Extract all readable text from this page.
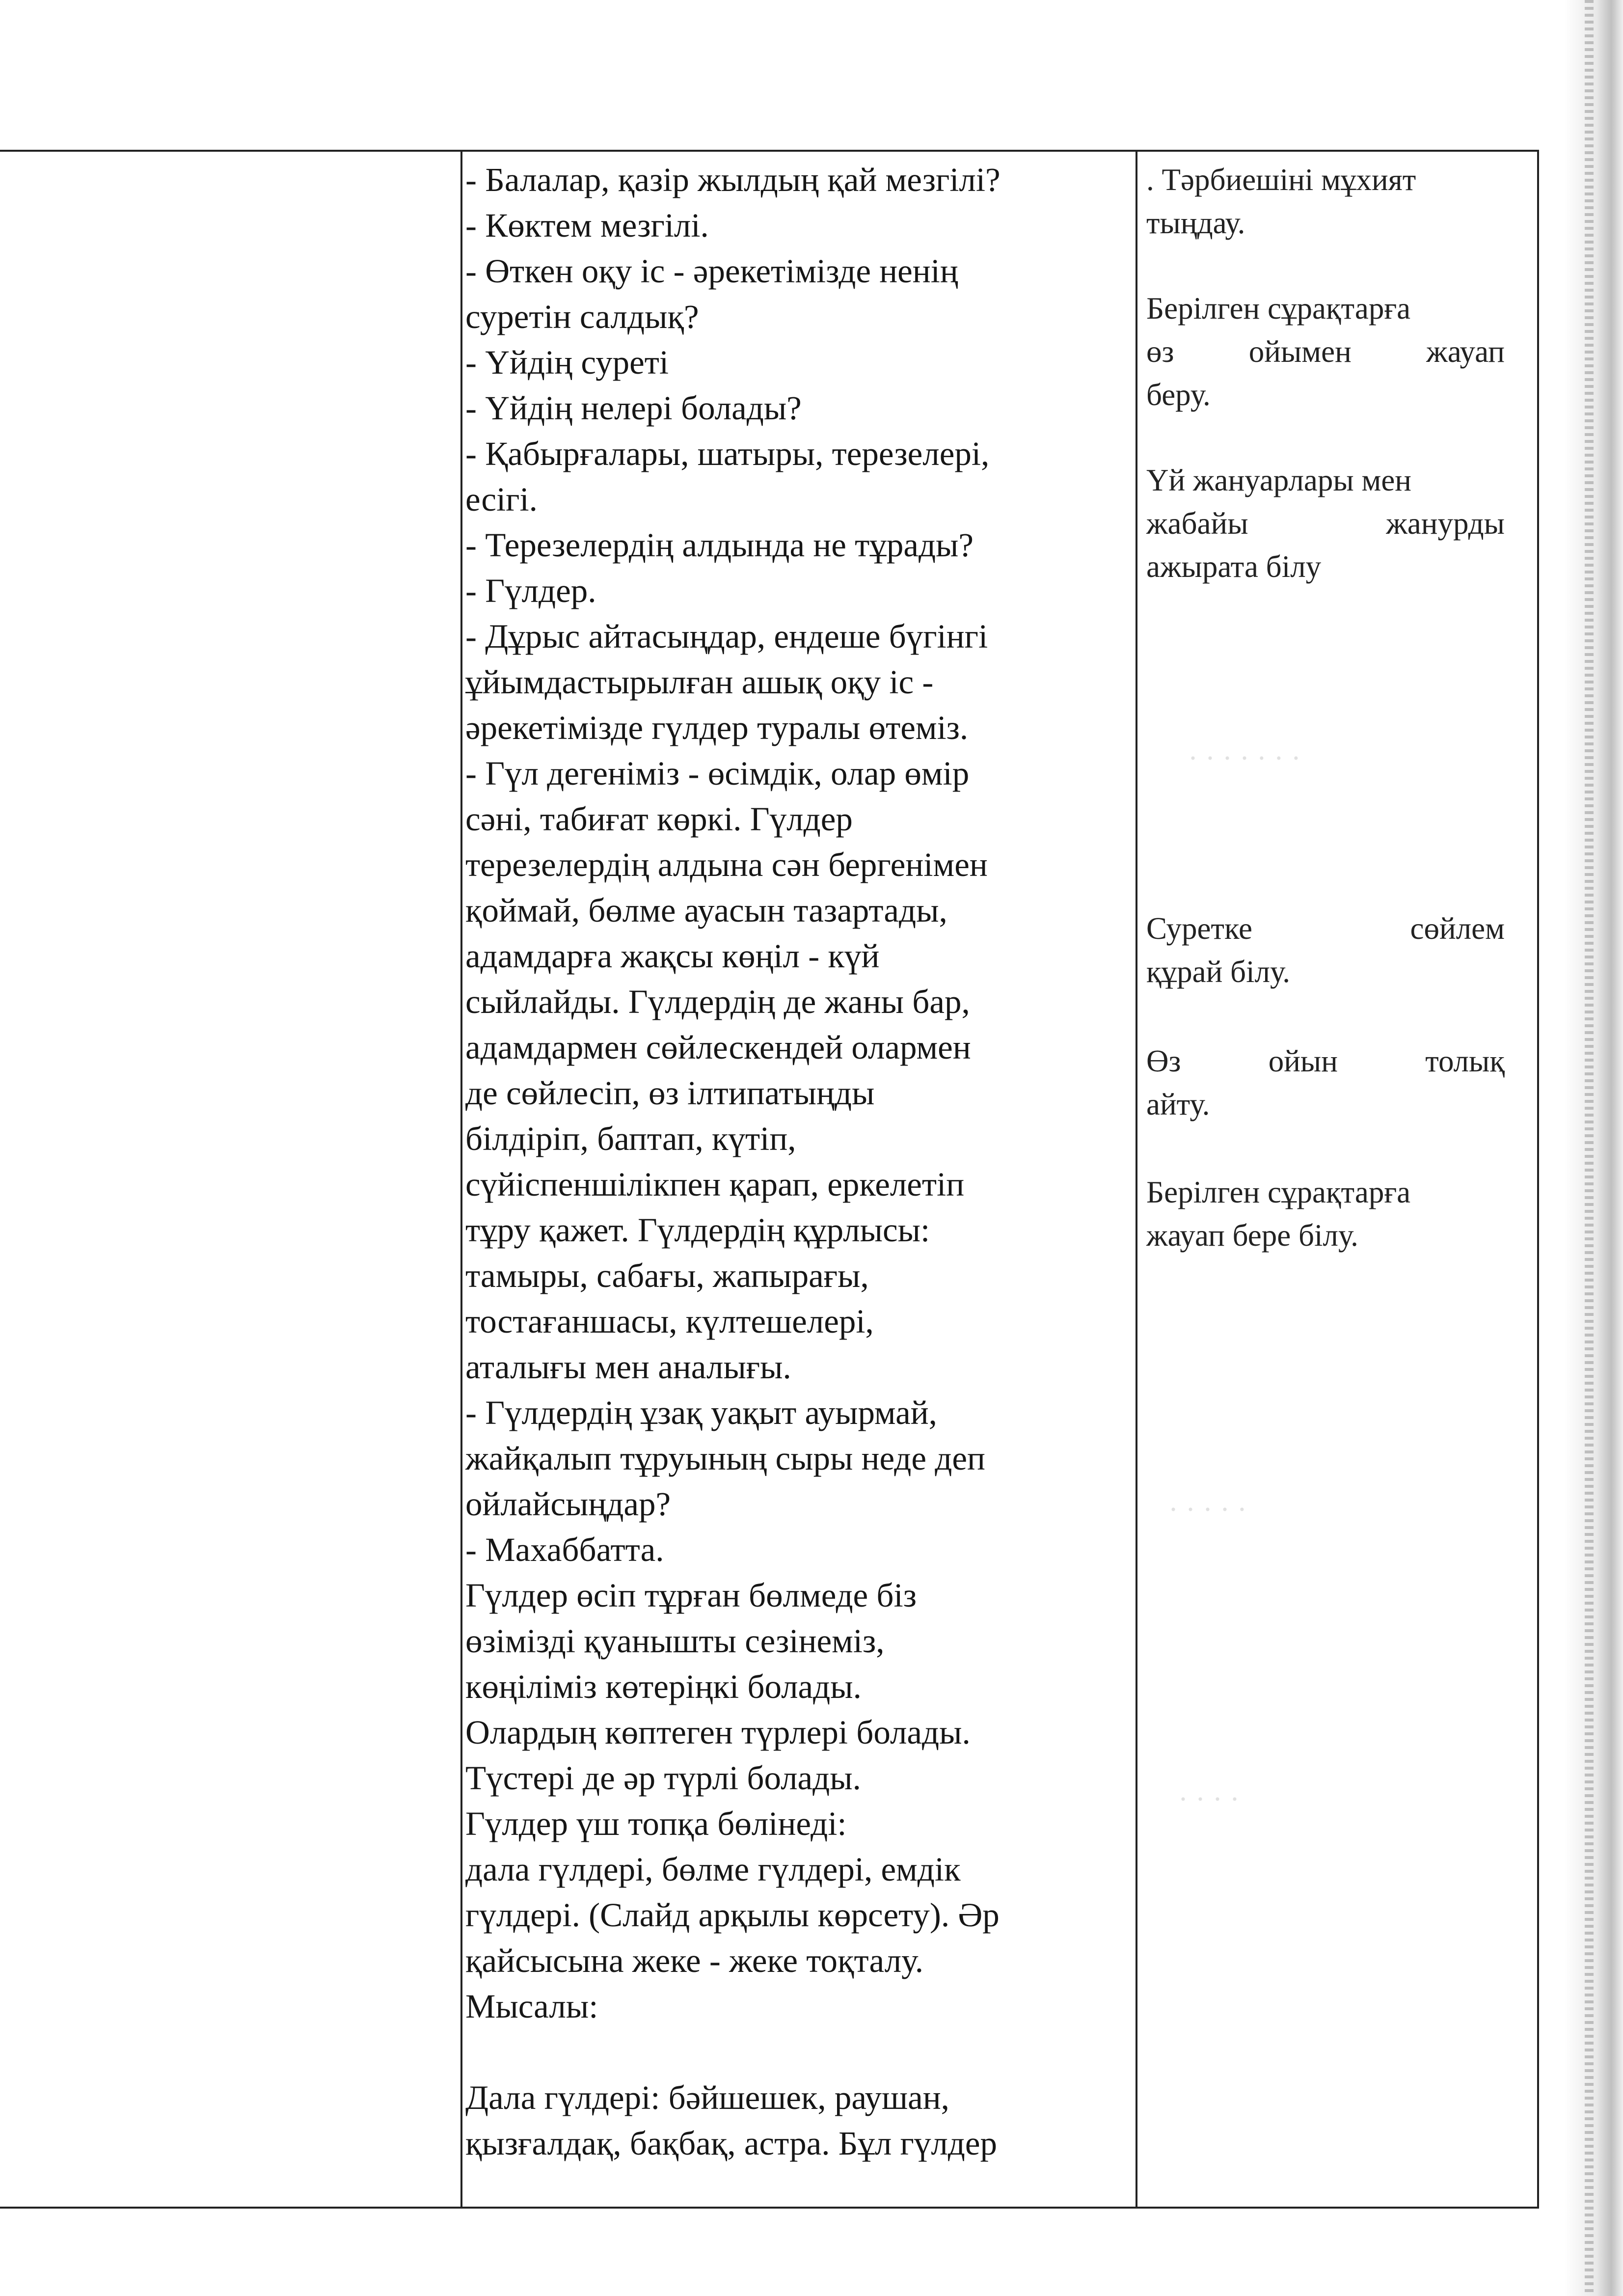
· · · · · · ·
· · · · ·
· · · ·

- Балалар, қазір жылдың қай мезгілі?

- Көктем мезгілі.

- Өткен оқу іс - әрекетімізде ненің

суретін салдық?

- Үйдің суреті

- Үйдің нелері болады?

- Қабырғалары, шатыры, терезелері,

есігі.

- Терезелердің алдында не тұрады?

- Гүлдер.

- Дұрыс айтасыңдар, ендеше бүгінгі

ұйымдастырылған ашық оқу іс -

әрекетімізде гүлдер туралы өтеміз.

- Гүл дегеніміз - өсімдік, олар өмір

сәні, табиғат көркі. Гүлдер

терезелердің алдына сән бергенімен

қоймай, бөлме ауасын тазартады,

адамдарға жақсы көңіл - күй

сыйлайды. Гүлдердің де жаны бар,

адамдармен сөйлескендей олармен

де сөйлесіп, өз ілтипатыңды

білдіріп, баптап, күтіп,

сүйіспеншілікпен қарап, еркелетіп

тұру қажет. Гүлдердің құрлысы:

тамыры, сабағы, жапырағы,

тостағаншасы, күлтешелері,

аталығы мен аналығы.

- Гүлдердің ұзақ уақыт ауырмай,

жайқалып тұруының сыры неде деп

ойлайсыңдар?

- Махаббатта.

Гүлдер өсіп тұрған бөлмеде біз

өзімізді қуанышты сезінеміз,

көңіліміз көтеріңкі болады.

Олардың көптеген түрлері болады.

Түстері де әр түрлі болады.

Гүлдер үш топқа бөлінеді:

дала гүлдері, бөлме гүлдері, емдік

гүлдері. (Слайд арқылы көрсету). Әр

қайсысына жеке - жеке тоқталу.

Мысалы:

Дала гүлдері: бәйшешек, раушан,

қызғалдақ, бақбақ, астра. Бұл гүлдер

. Тәрбиешіні мұхият
тыңдау.
Берілген сұрақтарға
өз ойымен жауап
беру.
Үй жануарлары мен
жабайы	жанурды
ажырата білу
Суретке	сөйлем
құрай білу.
Өз	ойын	толық
айту.
Берілген сұрақтарға
жауап бере білу.
